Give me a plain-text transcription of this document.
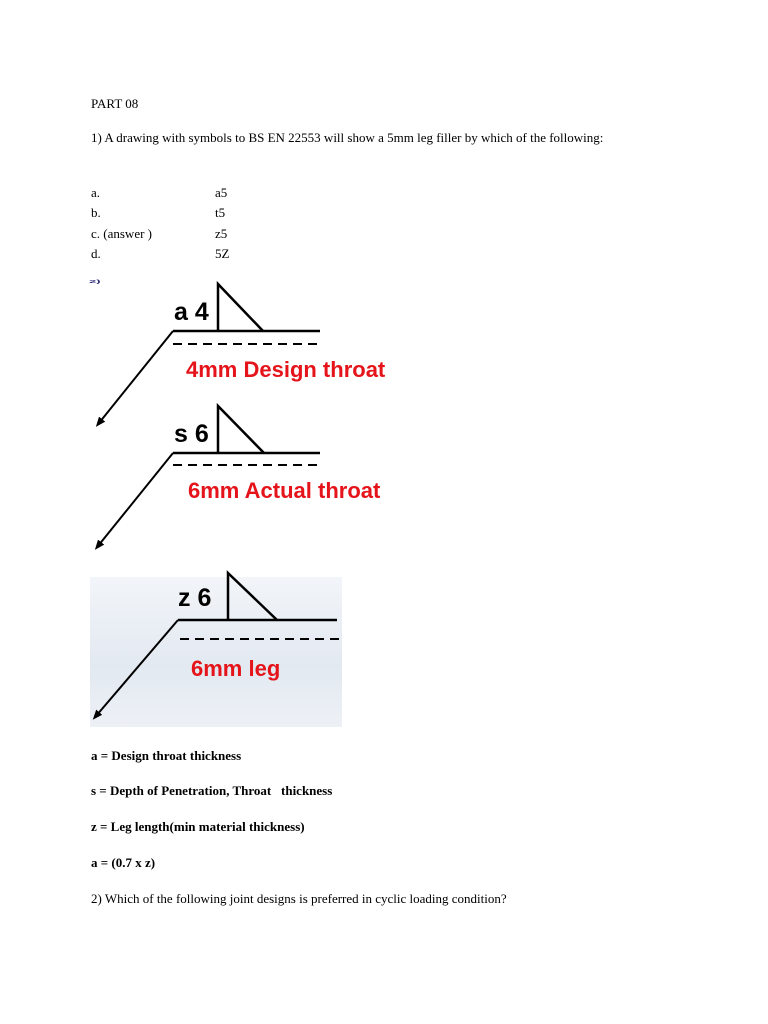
PART 08
1) A drawing with symbols to BS EN 22553 will show a 5mm leg filler by which of the following:
a.	a5
b.	t5
c. (answer )	z5
d.	5Z
2)
a 4
4mm Design throat
s 6
6mm Actual throat
z 6
6mm leg
a = Design throat thickness
s = Depth of Penetration, Throat   thickness
z = Leg length(min material thickness)
a = (0.7 x z)
2) Which of the following joint designs is preferred in cyclic loading condition?
